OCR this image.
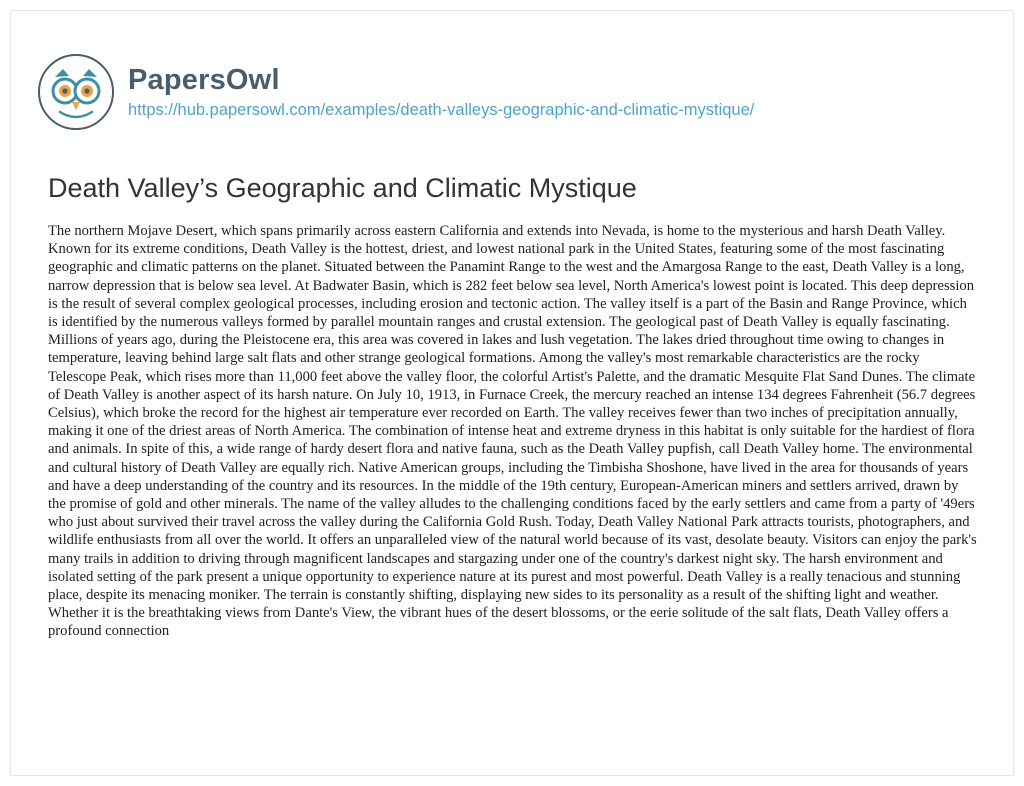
PapersOwl
https://hub.papersowl.com/examples/death-valleys-geographic-and-climatic-mystique/
Death Valley’s Geographic and Climatic Mystique

The northern Mojave Desert, which spans primarily across eastern California and extends into Nevada, is home to the mysterious and harsh Death Valley. Known for its extreme conditions, Death Valley is the hottest, driest, and lowest national park in the United States, featuring some of the most fascinating geographic and climatic patterns on the planet. Situated between the Panamint Range to the west and the Amargosa Range to the east, Death Valley is a long, narrow depression that is below sea level. At Badwater Basin, which is 282 feet below sea level, North America's lowest point is located. This deep depression is the result of several complex geological processes, including erosion and tectonic action. The valley itself is a part of the Basin and Range Province, which is identified by the numerous valleys formed by parallel mountain ranges and crustal extension. The geological past of Death Valley is equally fascinating. Millions of years ago, during the Pleistocene era, this area was covered in lakes and lush vegetation. The lakes dried throughout time owing to changes in temperature, leaving behind large salt flats and other strange geological formations. Among the valley's most remarkable characteristics are the rocky Telescope Peak, which rises more than 11,000 feet above the valley floor, the colorful Artist's Palette, and the dramatic Mesquite Flat Sand Dunes. The climate of Death Valley is another aspect of its harsh nature. On July 10, 1913, in Furnace Creek, the mercury reached an intense 134 degrees Fahrenheit (56.7 degrees Celsius), which broke the record for the highest air temperature ever recorded on Earth. The valley receives fewer than two inches of precipitation annually, making it one of the driest areas of North America. The combination of intense heat and extreme dryness in this habitat is only suitable for the hardiest of flora and animals. In spite of this, a wide range of hardy desert flora and native fauna, such as the Death Valley pupfish, call Death Valley home. The environmental and cultural history of Death Valley are equally rich. Native American groups, including the Timbisha Shoshone, have lived in the area for thousands of years and have a deep understanding of the country and its resources. In the middle of the 19th century, European-American miners and settlers arrived, drawn by the promise of gold and other minerals. The name of the valley alludes to the challenging conditions faced by the early settlers and came from a party of '49ers who just about survived their travel across the valley during the California Gold Rush. Today, Death Valley National Park attracts tourists, photographers, and wildlife enthusiasts from all over the world. It offers an unparalleled view of the natural world because of its vast, desolate beauty. Visitors can enjoy the park's many trails in addition to driving through magnificent landscapes and stargazing under one of the country's darkest night sky. The harsh environment and isolated setting of the park present a unique opportunity to experience nature at its purest and most powerful. Death Valley is a really tenacious and stunning place, despite its menacing moniker. The terrain is constantly shifting, displaying new sides to its personality as a result of the shifting light and weather. Whether it is the breathtaking views from Dante's View, the vibrant hues of the desert blossoms, or the eerie solitude of the salt flats, Death Valley offers a profound connection
